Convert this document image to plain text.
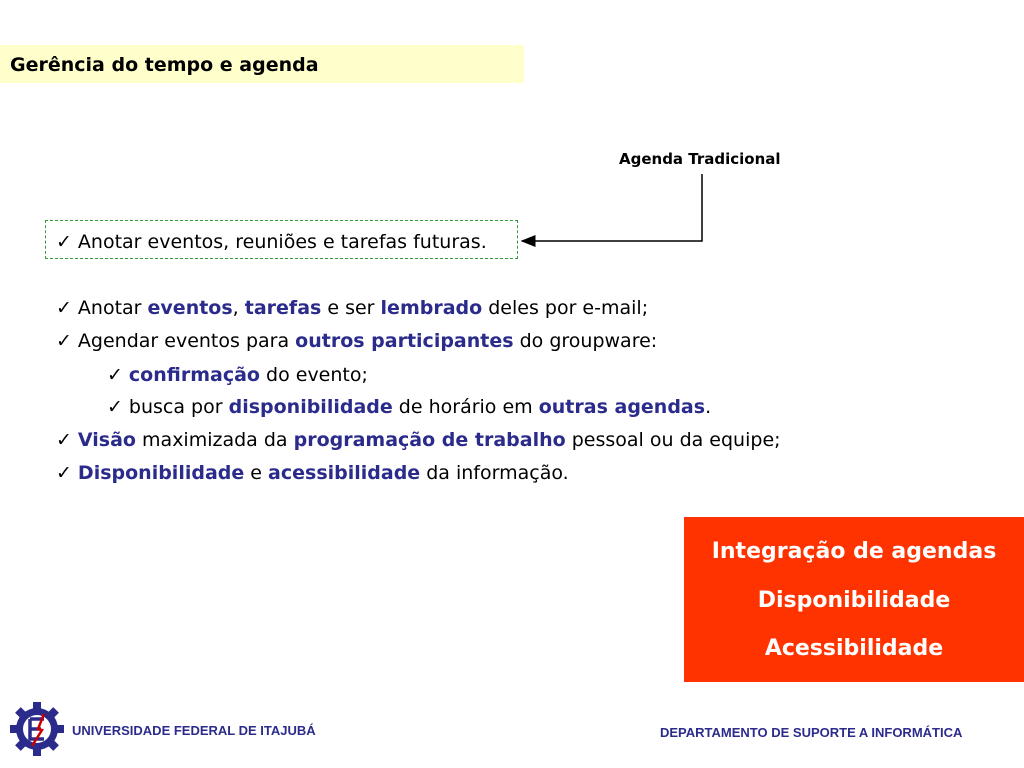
Gerência do tempo e agenda
Agenda Tradicional
✓ Anotar eventos, reuniões e tarefas futuras.
✓ Anotar eventos, tarefas e ser lembrado deles por e-mail;
✓ Agendar eventos para outros participantes do groupware:
✓ confirmação do evento;
✓ busca por disponibilidade de horário em outras agendas.
✓ Visão maximizada da programação de trabalho pessoal ou da equipe;
✓ Disponibilidade e acessibilidade da informação.
Integração de agendas
Disponibilidade
Acessibilidade
UNIVERSIDADE FEDERAL DE ITAJUBÁ	DEPARTAMENTO DE SUPORTE A INFORMÁTICA
